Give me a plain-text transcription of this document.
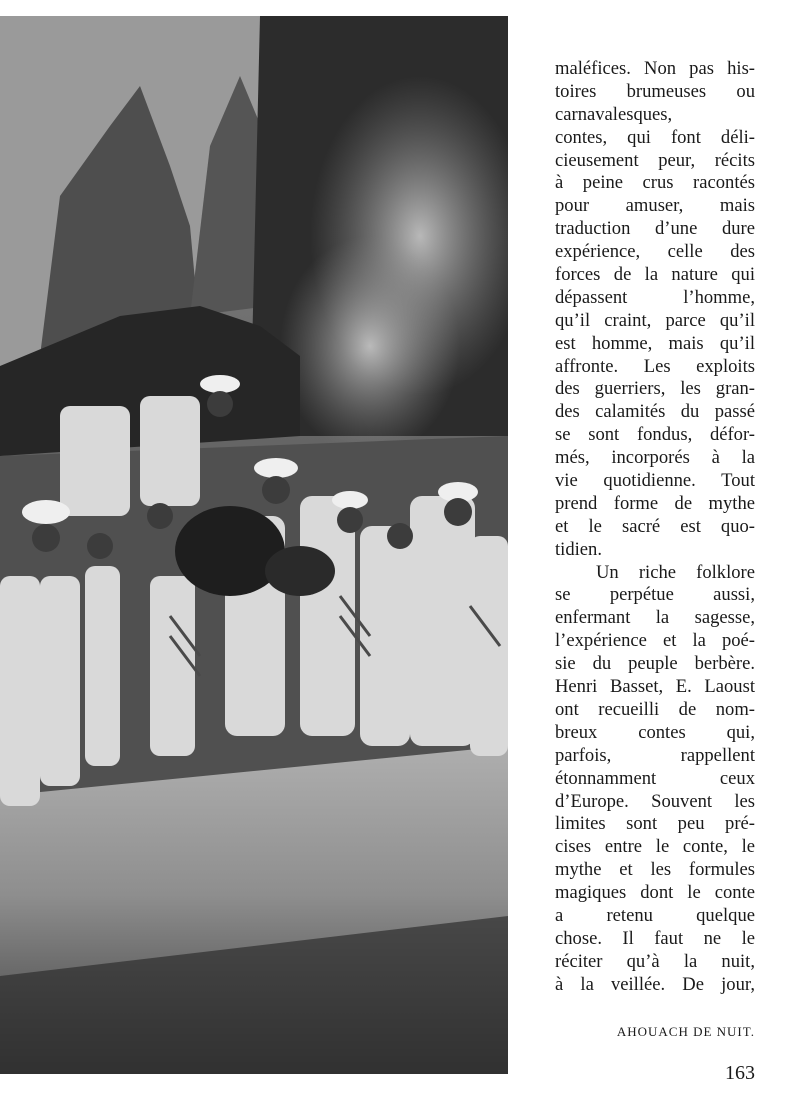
maléfices. Non pas his-
toires brumeuses ou
carnavalesques,
contes, qui font déli-
cieusement peur, récits
à peine crus racontés
pour amuser, mais
traduction d’une dure
expérience, celle des
forces de la nature qui
dépassent l’homme,
qu’il craint, parce qu’il
est homme, mais qu’il
affronte. Les exploits
des guerriers, les gran-
des calamités du passé
se sont fondus, défor-
més, incorporés à la
vie quotidienne. Tout
prend forme de mythe
et le sacré est quo-
tidien.
Un riche folklore
se perpétue aussi,
enfermant la sagesse,
l’expérience et la poé-
sie du peuple berbère.
Henri Basset, E. Laoust
ont recueilli de nom-
breux contes qui,
parfois, rappellent
étonnamment ceux
d’Europe. Souvent les
limites sont peu pré-
cises entre le conte, le
mythe et les formules
magiques dont le conte
a retenu quelque
chose. Il faut ne le
réciter qu’à la nuit,
à la veillée. De jour,
AHOUACH DE NUIT.
163
